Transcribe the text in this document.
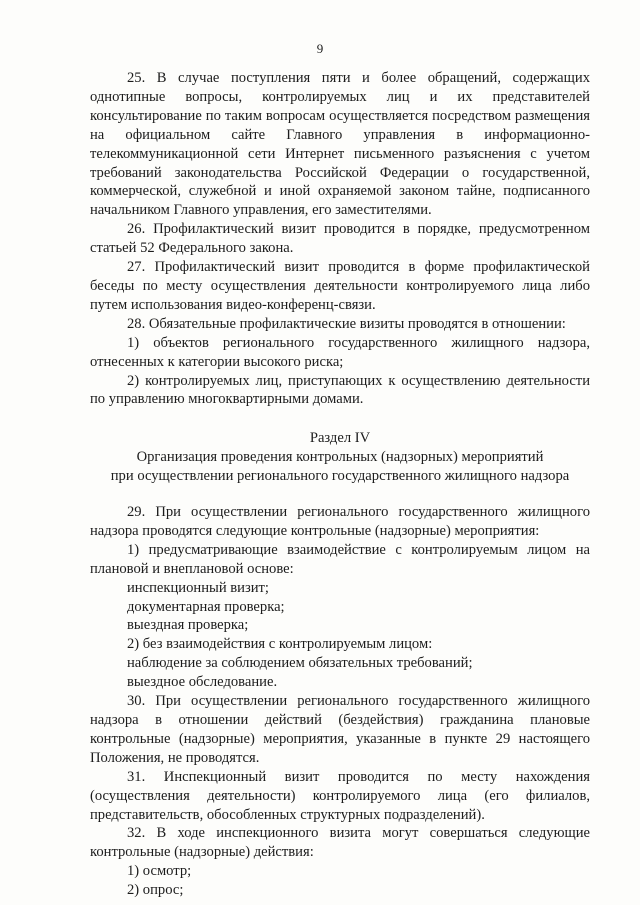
9

25. В случае поступления пяти и более обращений, содержащих однотипные вопросы, контролируемых лиц и их представителей консультирование по таким вопросам осуществляется посредством размещения на официальном сайте Главного управления в информационно-телекоммуникационной сети Интернет письменного разъяснения с учетом требований законодательства Российской Федерации о государственной, коммерческой, служебной и иной охраняемой законом тайне, подписанного начальником Главного управления, его заместителями.

26. Профилактический визит проводится в порядке, предусмотренном статьей 52 Федерального закона.

27. Профилактический визит проводится в форме профилактической беседы по месту осуществления деятельности контролируемого лица либо путем использования видео-конференц-связи.

28. Обязательные профилактические визиты проводятся в отношении:

1) объектов регионального государственного жилищного надзора, отнесенных к категории высокого риска;

2) контролируемых лиц, приступающих к осуществлению деятельности по управлению многоквартирными домами.

Раздел IV

Организация проведения контрольных (надзорных) мероприятий

при осуществлении регионального государственного жилищного надзора

29. При осуществлении регионального государственного жилищного надзора проводятся следующие контрольные (надзорные) мероприятия:

1) предусматривающие взаимодействие с контролируемым лицом на плановой и внеплановой основе:

инспекционный визит;

документарная проверка;

выездная проверка;

2) без взаимодействия с контролируемым лицом:

наблюдение за соблюдением обязательных требований;

выездное обследование.

30. При осуществлении регионального государственного жилищного надзора в отношении действий (бездействия) гражданина плановые контрольные (надзорные) мероприятия, указанные в пункте 29 настоящего Положения, не проводятся.

31. Инспекционный визит проводится по месту нахождения (осуществления деятельности) контролируемого лица (его филиалов, представительств, обособленных структурных подразделений).

32. В ходе инспекционного визита могут совершаться следующие контрольные (надзорные) действия:

1) осмотр;

2) опрос;
